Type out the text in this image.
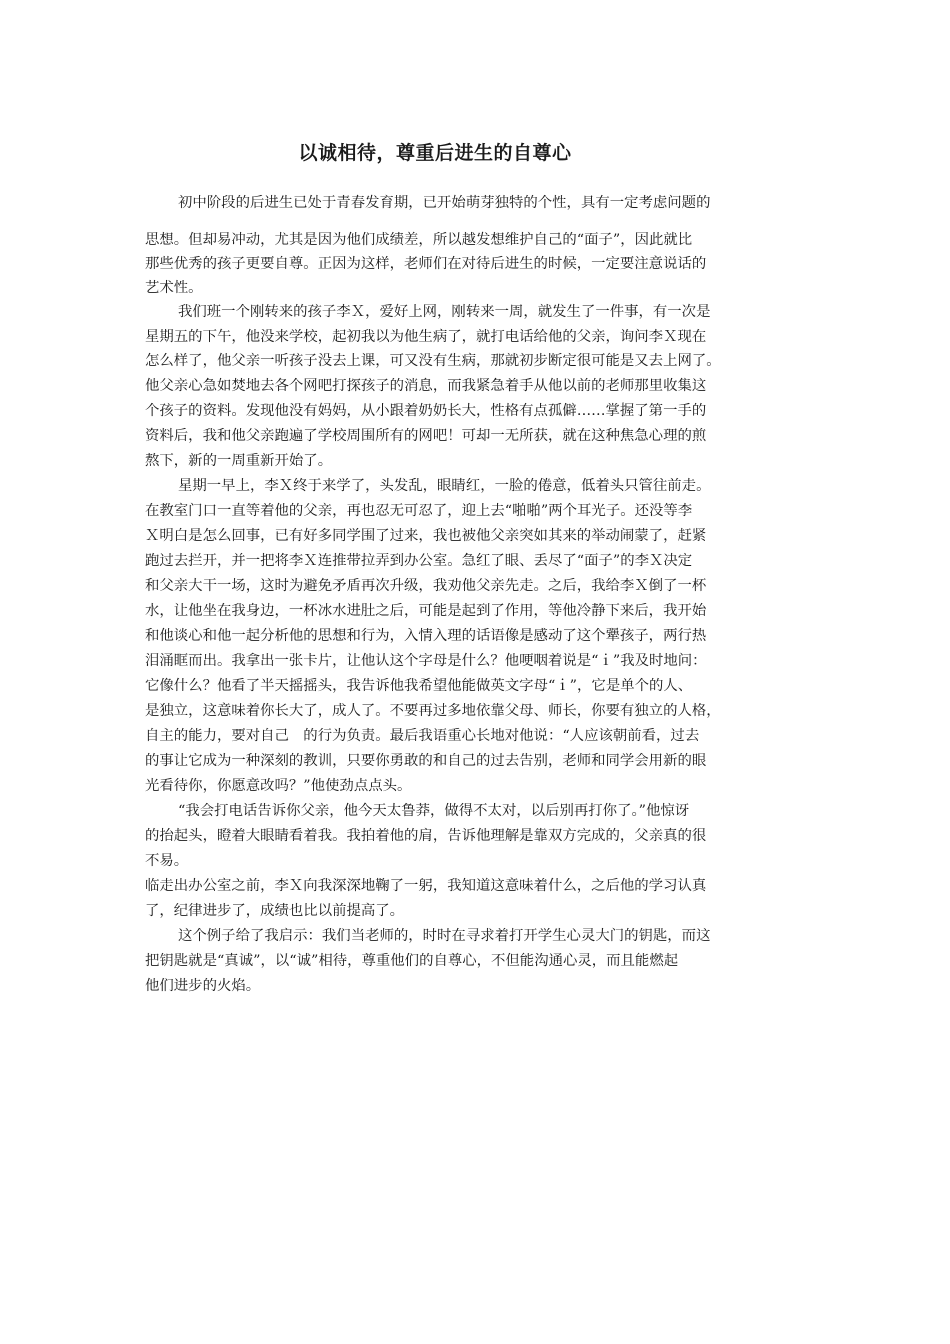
以诚相待，尊重后进生的自尊心

初中阶段的后进生已处于青春发育期，已开始萌芽独特的个性，具有一定考虑问题的

思想。但却易冲动，尤其是因为他们成绩差，所以越发想维护自己的“面子”，因此就比

那些优秀的孩子更要自尊。正因为这样，老师们在对待后进生的时候，一定要注意说话的

艺术性。

我们班一个刚转来的孩子李Ｘ，爱好上网，刚转来一周，就发生了一件事，有一次是

星期五的下午，他没来学校，起初我以为他生病了，就打电话给他的父亲，询问李Ｘ现在

怎么样了，他父亲一听孩子没去上课，可又没有生病，那就初步断定很可能是又去上网了。

他父亲心急如焚地去各个网吧打探孩子的消息，而我紧急着手从他以前的老师那里收集这

个孩子的资料。发现他没有妈妈，从小跟着奶奶长大，性格有点孤僻……掌握了第一手的

资料后，我和他父亲跑遍了学校周围所有的网吧！可却一无所获，就在这种焦急心理的煎

熬下，新的一周重新开始了。

星期一早上，李Ｘ终于来学了，头发乱，眼睛红，一脸的倦意，低着头只管往前走。

在教室门口一直等着他的父亲，再也忍无可忍了，迎上去“啪啪”两个耳光子。还没等李

Ｘ明白是怎么回事，已有好多同学围了过来，我也被他父亲突如其来的举动闹蒙了，赶紧

跑过去拦开，并一把将李Ｘ连推带拉弄到办公室。急红了眼、丢尽了“面子”的李Ｘ决定

和父亲大干一场，这时为避免矛盾再次升级，我劝他父亲先走。之后，我给李Ｘ倒了一杯

水，让他坐在我身边，一杯冰水进肚之后，可能是起到了作用，等他冷静下来后，我开始

和他谈心和他一起分析他的思想和行为，入情入理的话语像是感动了这个犟孩子，两行热

泪涌眶而出。我拿出一张卡片，让他认这个字母是什么？他哽咽着说是“ｉ”我及时地问：

它像什么？他看了半天摇摇头，我告诉他我希望他能做英文字母“ｉ”，它是单个的人、

是独立，这意味着你长大了，成人了。不要再过多地依靠父母、师长，你要有独立的人格，

自主的能力，要对自己　的行为负责。最后我语重心长地对他说：“人应该朝前看，过去

的事让它成为一种深刻的教训，只要你勇敢的和自己的过去告别，老师和同学会用新的眼

光看待你，你愿意改吗？”他使劲点点头。

“我会打电话告诉你父亲，他今天太鲁莽，做得不太对，以后别再打你了。”他惊讶

的抬起头，瞪着大眼睛看着我。我拍着他的肩，告诉他理解是靠双方完成的，父亲真的很

不易。

临走出办公室之前，李Ｘ向我深深地鞠了一躬，我知道这意味着什么，之后他的学习认真

了，纪律进步了，成绩也比以前提高了。

这个例子给了我启示：我们当老师的，时时在寻求着打开学生心灵大门的钥匙，而这

把钥匙就是“真诚”，以“诚”相待，尊重他们的自尊心，不但能沟通心灵，而且能燃起

他们进步的火焰。
